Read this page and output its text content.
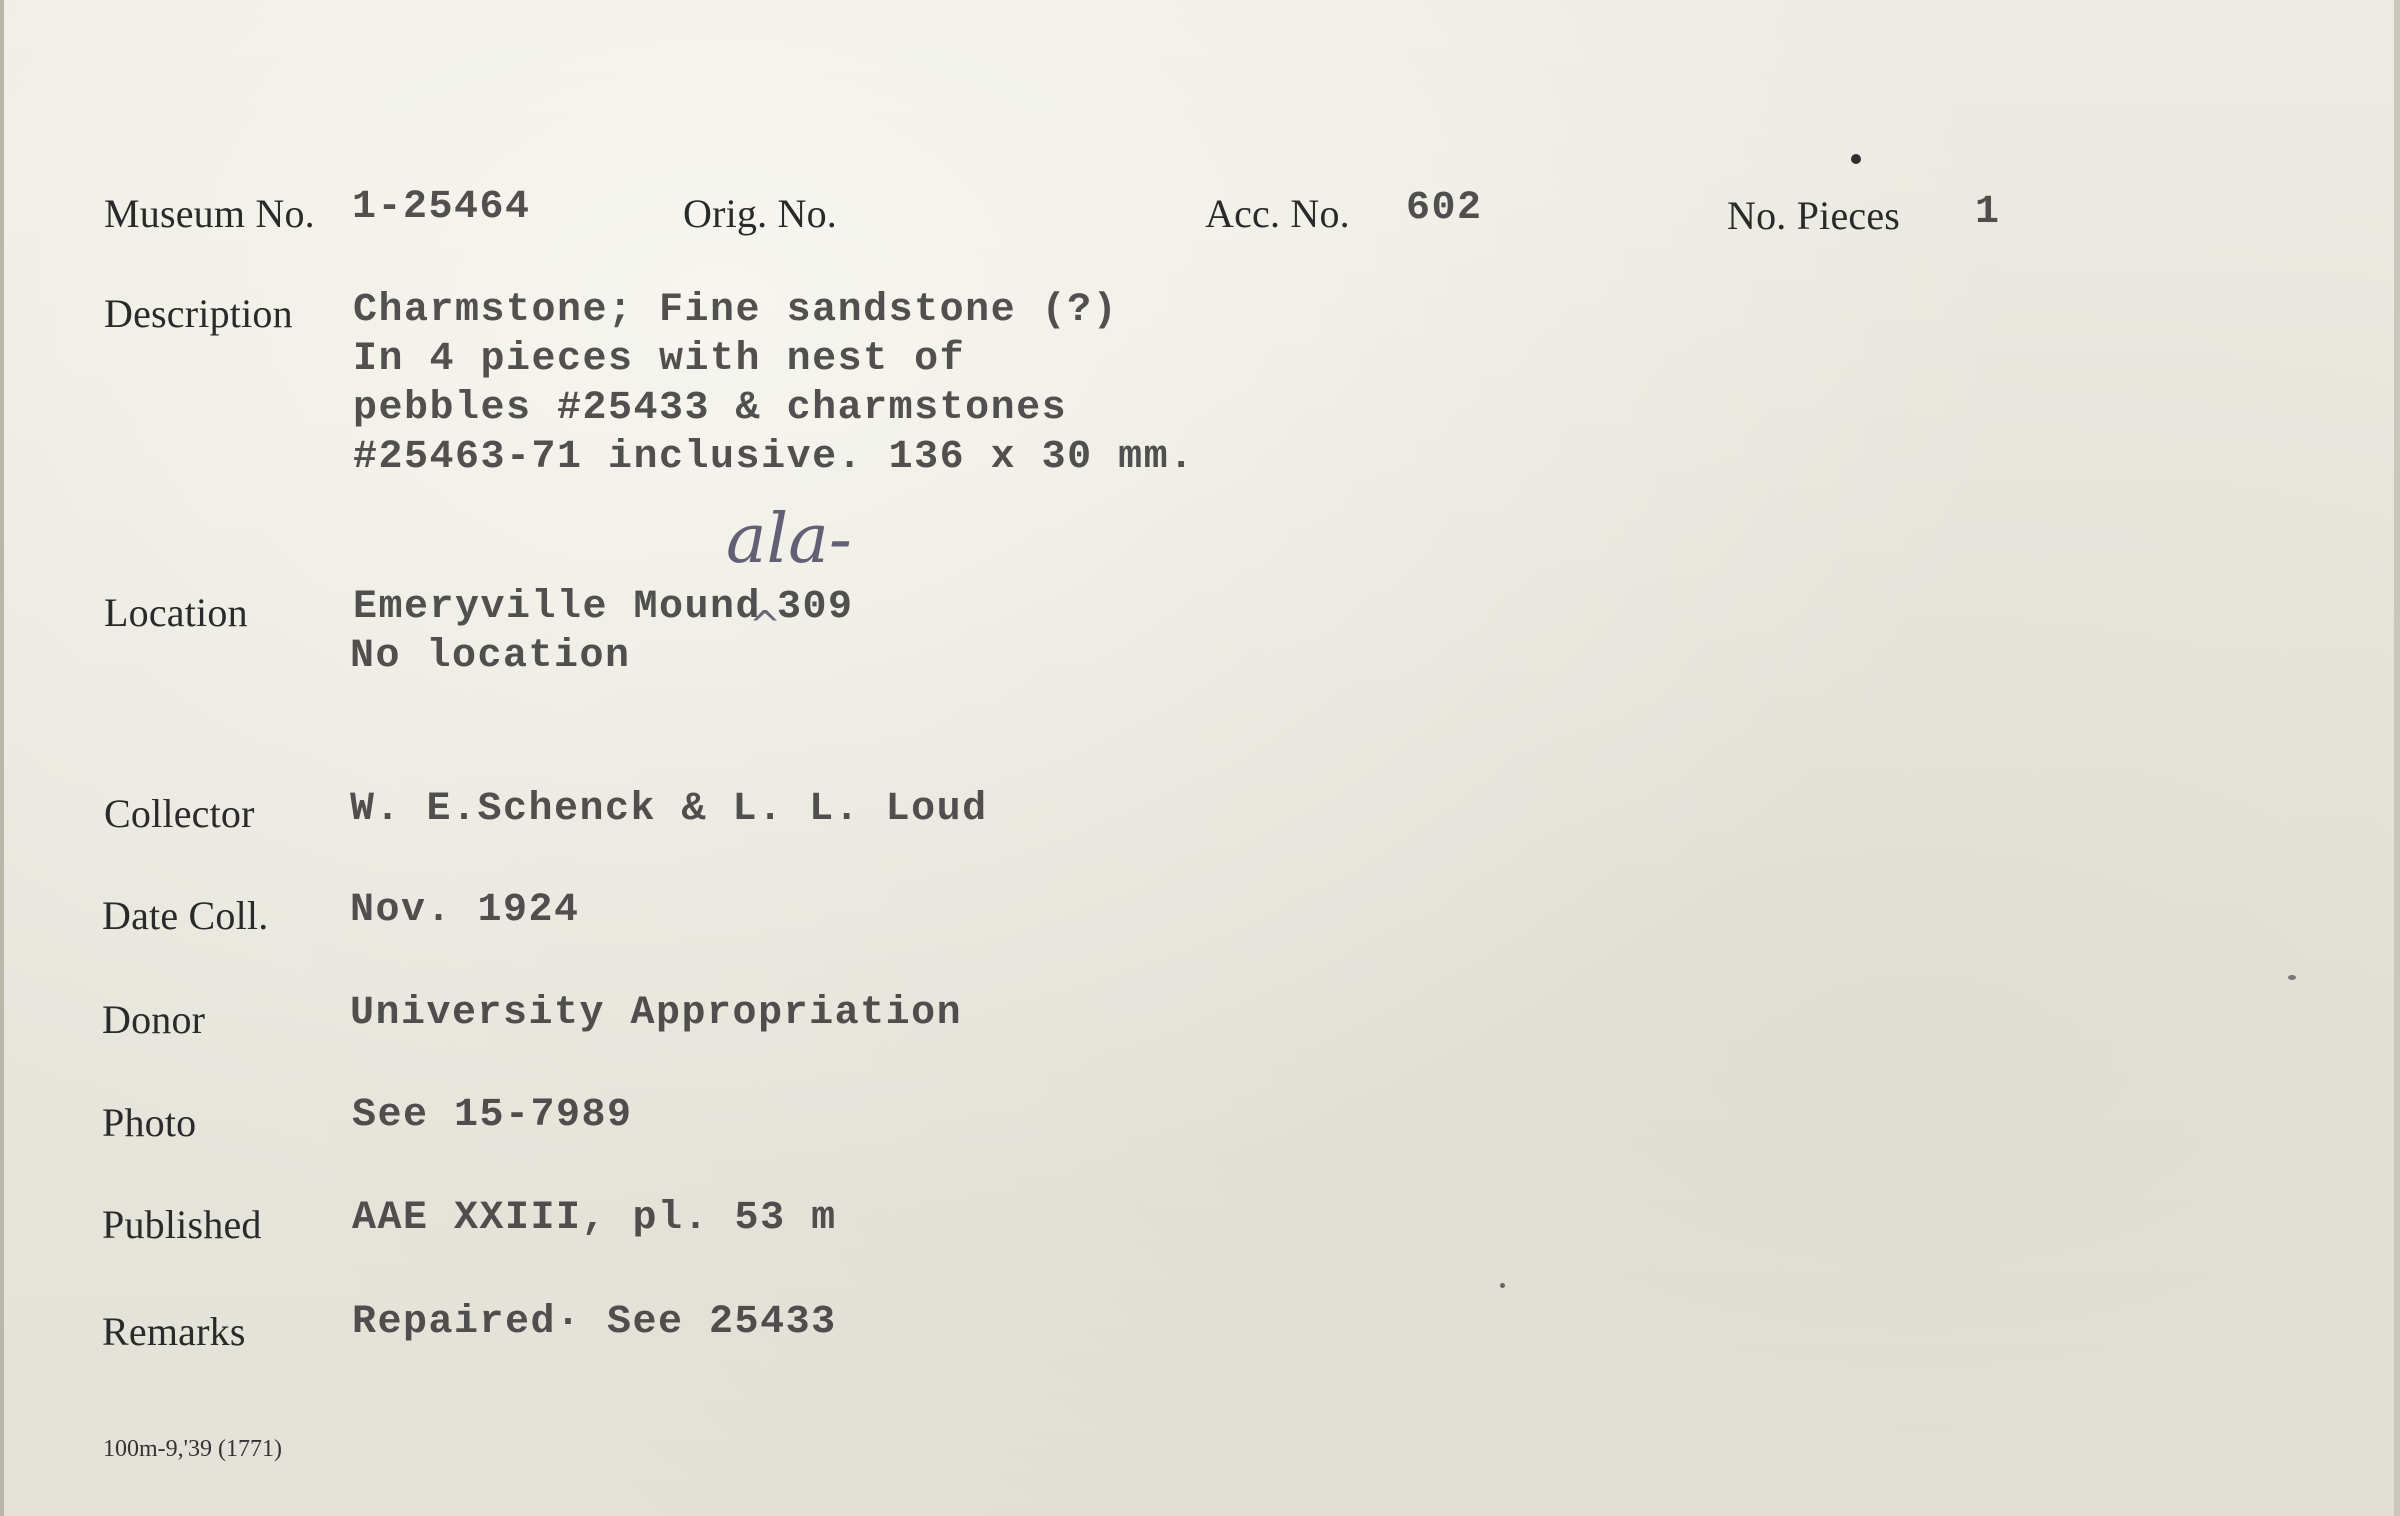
Museum No. 1-25464	Orig. No.	Acc. No. 602	No. Pieces 1
Description Charmstone; Fine sandstone (?)
In 4 pieces with nest of
pebbles #25433 & charmstones
#25463-71 inclusive. 136 x 30 mm.
Location
ala-
Emeryville Mound
^
309
No location
Collector W. E.Schenck & L. L. Loud
Date Coll. Nov. 1924
Donor	University Appropriation
Photo	See 15-7989
Published AAE XXIII, pl. 53 m
Remarks	Repaired· See 25433
100m-9,'39 (1771)
